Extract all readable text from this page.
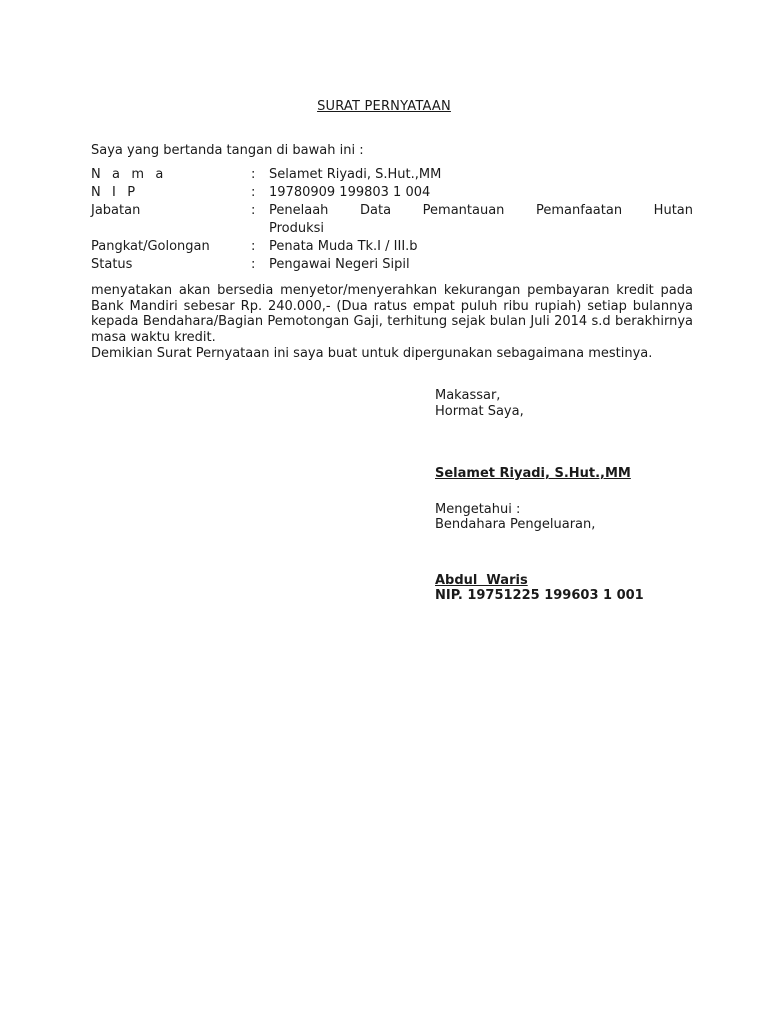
SURAT PERNYATAAN
Saya yang bertanda tangan di bawah ini :
N a m a	: Selamet Riyadi, S.Hut.,MM
N I P	: 19780909 199803 1 004
Jabatan	: Penelaah Data Pemantauan Pemanfaatan Hutan
Produksi
Pangkat/Golongan	: Penata Muda Tk.I / III.b
Status	: Pengawai Negeri Sipil
menyatakan akan bersedia menyetor/menyerahkan kekurangan pembayaran kredit pada Bank Mandiri sebesar Rp. 240.000,- (Dua ratus empat puluh ribu rupiah) setiap bulannya kepada Bendahara/Bagian Pemotongan Gaji, terhitung sejak bulan Juli 2014 s.d berakhirnya masa waktu kredit.
Demikian Surat Pernyataan ini saya buat untuk dipergunakan sebagaimana mestinya.
Makassar,
Hormat Saya,
Selamet Riyadi, S.Hut.,MM
Mengetahui :
Bendahara Pengeluaran,
Abdul  Waris
NIP. 19751225 199603 1 001
